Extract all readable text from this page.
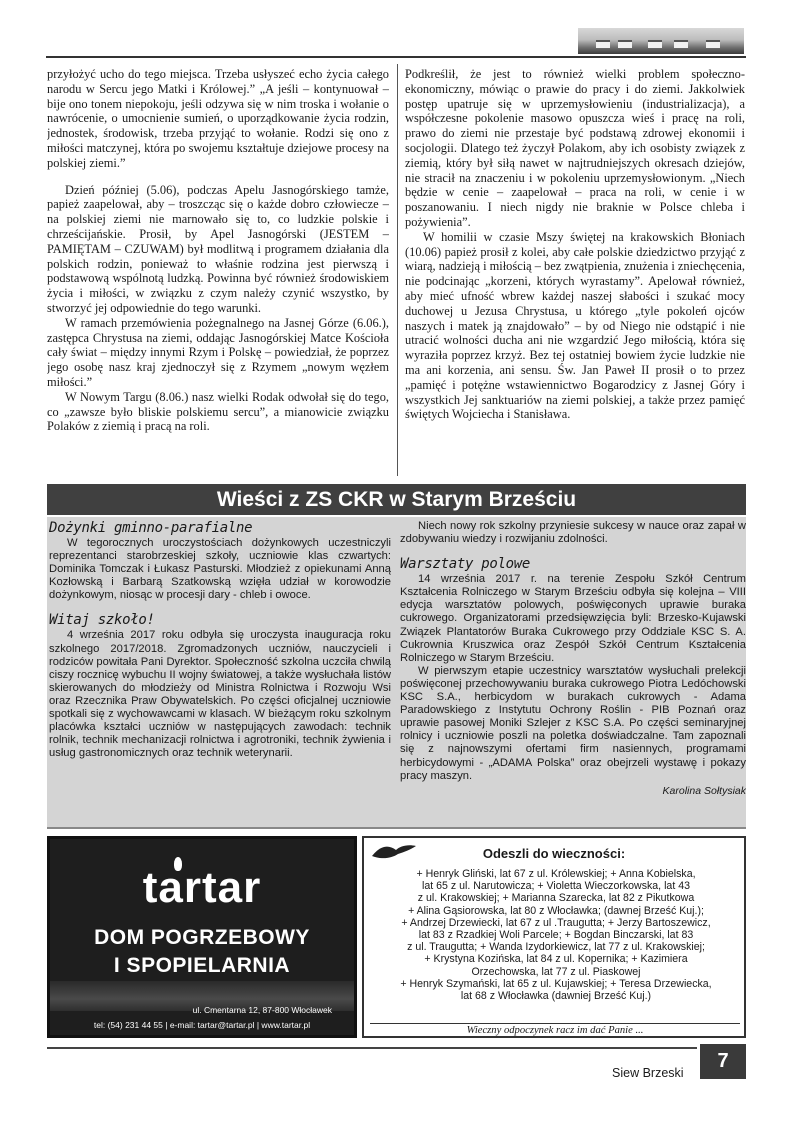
przyłożyć ucho do tego miejsca. Trzeba usłyszeć echo życia całego narodu w Sercu jego Matki i Królowej.” „A jeśli – kontynuował – bije ono tonem niepokoju, jeśli odzywa się w nim troska i wołanie o nawrócenie, o umocnienie sumień, o uporządkowanie życia rodzin, jednostek, środowisk, trzeba przyjąć to wołanie. Rodzi się ono z miłości matczynej, która po swojemu kształtuje dziejowe procesy na polskiej ziemi.”

Dzień później (5.06), podczas Apelu Jasnogórskiego tamże, papież zaapelował, aby – troszcząc się o każde dobro człowiecze – na polskiej ziemi nie marnowało się to, co ludzkie polskie i chrześcijańskie. Prosił, by Apel Jasnogórski (JESTEM – PAMIĘTAM – CZUWAM) był modlitwą i programem działania dla polskich rodzin, ponieważ to właśnie rodzina jest pierwszą i podstawową wspólnotą ludzką. Powinna być również środowiskiem życia i miłości, w związku z czym należy czynić wszystko, by stworzyć jej odpowiednie do tego warunki.

W ramach przemówienia pożegnalnego na Jasnej Górze (6.06.), zastępca Chrystusa na ziemi, oddając Jasnogórskiej Matce Kościoła cały świat – między innymi Rzym i Polskę – powiedział, że poprzez jego osobę nasz kraj zjednoczył się z Rzymem „nowym węzłem miłości.”

W Nowym Targu (8.06.) nasz wielki Rodak odwołał się do tego, co „zawsze było bliskie polskiemu sercu”, a mianowicie związku Polaków z ziemią i pracą na roli.

Podkreślił, że jest to również wielki problem społeczno-ekonomiczny, mówiąc o prawie do pracy i do ziemi. Jakkolwiek postęp upatruje się w uprzemysłowieniu (industrializacja), a współczesne pokolenie masowo opuszcza wieś i pracę na roli, prawo do ziemi nie przestaje być podstawą zdrowej ekonomii i socjologii. Dlatego też życzył Polakom, aby ich osobisty związek z ziemią, który był siłą nawet w najtrudniejszych okresach dziejów, nie stracił na znaczeniu i w pokoleniu uprzemysłowionym. „Niech będzie w cenie – zaapelował – praca na roli, w cenie i w poszanowaniu. I niech nigdy nie braknie w Polsce chleba i pożywienia”.

W homilii w czasie Mszy świętej na krakowskich Błoniach (10.06) papież prosił z kolei, aby całe polskie dziedzictwo przyjąć z wiarą, nadzieją i miłością – bez zwątpienia, znużenia i zniechęcenia, nie podcinając „korzeni, których wyrastamy”. Apelował również, aby mieć ufność wbrew każdej naszej słabości i szukać mocy duchowej u Jezusa Chrystusa, u którego „tyle pokoleń ojców naszych i matek ją znajdowało” – by od Niego nie odstąpić i nie utracić wolności ducha ani nie wzgardzić Jego miłością, która się wyraziła poprzez krzyż. Bez tej ostatniej bowiem życie ludzkie nie ma ani korzenia, ani sensu. Św. Jan Paweł II prosił o to przez „pamięć i potężne wstawiennictwo Bogarodzicy z Jasnej Góry i wszystkich Jej sanktuariów na ziemi polskiej, a także przez pamięć świętych Wojciecha i Stanisława.

Wieści z ZS CKR w Starym Brześciu
Dożynki gminno-parafialne

W tegorocznych uroczystościach dożynkowych uczestniczyli reprezentanci starobrzeskiej szkoły, uczniowie klas czwartych: Dominika Tomczak i Łukasz Pasturski. Młodzież z opiekunami Anną Kozłowską i Barbarą Szatkowską wzięła udział w korowodzie dożynkowym, niosąc w procesji dary - chleb i owoce.

Witaj szkoło!

4 września 2017 roku odbyła się uroczysta inauguracja roku szkolnego 2017/2018. Zgromadzonych uczniów, nauczycieli i rodziców powitała Pani Dyrektor. Społeczność szkolna uczciła chwilą ciszy rocznicę wybuchu II wojny światowej, a także wysłuchała listów skierowanych do młodzieży od Ministra Rolnictwa i Rozwoju Wsi oraz Rzecznika Praw Obywatelskich. Po części oficjalnej uczniowie spotkali się z wychowawcami w klasach. W bieżącym roku szkolnym placówka kształci uczniów w następujących zawodach: technik rolnik, technik mechanizacji rolnictwa i agrotroniki, technik żywienia i usług gastronomicznych oraz technik weterynarii.

Niech nowy rok szkolny przyniesie sukcesy w nauce oraz zapał w zdobywaniu wiedzy i rozwijaniu zdolności.

Warsztaty polowe

14 września 2017 r. na terenie Zespołu Szkół Centrum Kształcenia Rolniczego w Starym Brześciu odbyła się kolejna – VIII edycja warsztatów polowych, poświęconych uprawie buraka cukrowego. Organizatorami przedsięwzięcia byli: Brzesko-Kujawski Związek Plantatorów Buraka Cukrowego przy Oddziale KSC S. A. Cukrownia Kruszwica oraz Zespół Szkół Centrum Kształcenia Rolniczego w Starym Brześciu.

W pierwszym etapie uczestnicy warsztatów wysłuchali prelekcji poświęconej przechowywaniu buraka cukrowego Piotra Ledóchowski KSC S.A., herbicydom w burakach cukrowych - Adama Paradowskiego z Instytutu Ochrony Roślin - PIB Poznań oraz uprawie pasowej Moniki Szlejer z KSC S.A. Po części seminaryjnej rolnicy i uczniowie poszli na poletka doświadczalne. Tam zapoznali się z najnowszymi ofertami firm nasiennych, programami herbicydowymi - „ADAMA Polska” oraz obejrzeli wystawę i pokazy pracy maszyn.

Karolina Sołtysiak
tartar
DOM POGRZEBOWY
I SPOPIELARNIA
ul. Cmentarna 12, 87-800 Włocławek
tel: (54) 231 44 55 | e-mail: tartar@tartar.pl | www.tartar.pl
Odeszli do wieczności:
+ Henryk Gliński, lat 67 z ul. Królewskiej; + Anna Kobielska,
lat 65 z ul. Narutowicza; + Violetta Wieczorkowska, lat 43
z ul. Krakowskiej; + Marianna Szarecka, lat 82 z Pikutkowa
+ Alina Gąsiorowska, lat 80 z Włocławka; (dawnej Brześć Kuj.);
+ Andrzej Drzewiecki, lat 67 z ul .Traugutta; + Jerzy Bartoszewicz,
lat 83 z Rzadkiej Woli Parcele; + Bogdan Binczarski, lat 83
z ul. Traugutta; + Wanda Izydorkiewicz, lat 77 z ul. Krakowskiej;
+ Krystyna Kozińska, lat 84 z ul. Kopernika; + Kazimiera
Orzechowska, lat 77 z ul. Piaskowej
+ Henryk Szymański, lat 65 z ul. Kujawskiej; + Teresa Drzewiecka,
lat 68 z Włocławka (dawniej Brześć Kuj.)
Wieczny odpoczynek racz im dać Panie ...
Siew Brzeski
7
